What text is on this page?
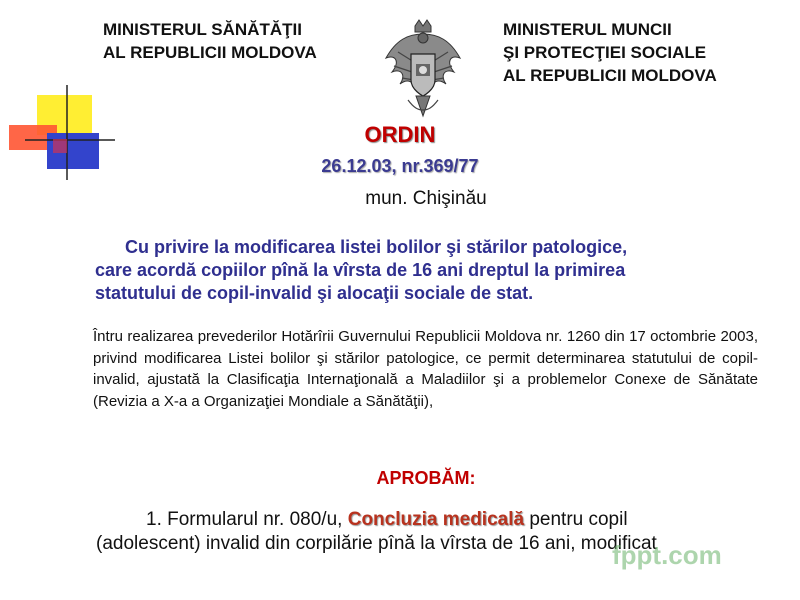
MINISTERUL SĂNĂTĂŢII
AL REPUBLICII MOLDOVA
MINISTERUL MUNCII
ŞI PROTECŢIEI SOCIALE
AL REPUBLICII MOLDOVA
ORDIN
26.12.03, nr.369/77
mun. Chişinău
Cu privire la modificarea listei bolilor şi stărilor patologice,
care acordă copiilor pînă la vîrsta de 16 ani dreptul la primirea
statutului de copil-invalid şi alocaţii sociale de stat.
Întru realizarea prevederilor Hotărîrii Guvernului Republicii Moldova nr. 1260 din 17 octombrie 2003, privind modificarea Listei bolilor şi stărilor patologice, ce permit determinarea statutului de copil-invalid, ajustată la Clasificaţia Internaţională a Maladiilor şi a problemelor Conexe de Sănătate (Revizia a X-a a Organizaţiei Mondiale a Sănătăţii),
APROBĂM:
1. Formularul nr. 080/u, Concluzia medicală pentru copil
(adolescent) invalid din corpilărie pînă la vîrsta de 16 ani, modificat
fppt.com
